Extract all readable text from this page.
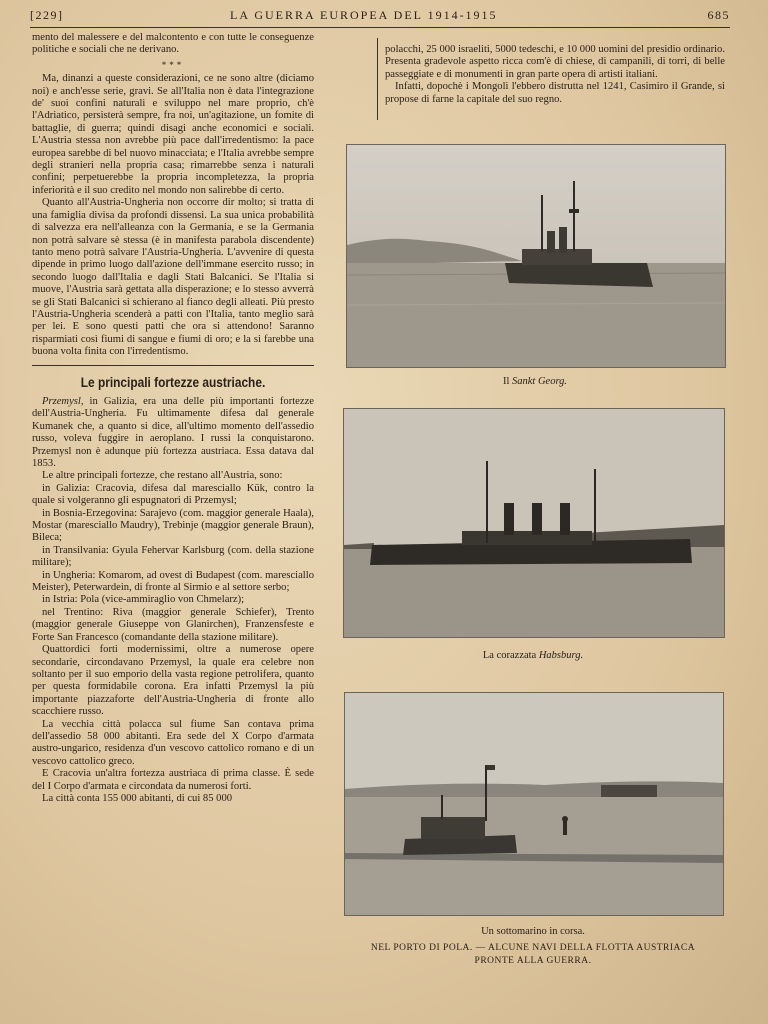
[229]	LA GUERRA EUROPEA DEL 1914-1915	685

mento del malessere e del malcontento e con tutte le conseguenze politiche e sociali che ne derivano.

***

Ma, dinanzi a queste considerazioni, ce ne sono altre (diciamo noi) e anch'esse serie, gravi. Se all'Italia non è data l'integrazione de' suoi confini naturali e sviluppo nel mare proprio, ch'è l'Adriatico, persisterà sempre, fra noi, un'agitazione, un fomite di battaglie, di guerra; quindi disagi anche economici e sociali. L'Austria stessa non avrebbe più pace dall'irredentismo: la pace europea sarebbe di bel nuovo minacciata; e l'Italia avrebbe sempre degli stranieri nella propria casa; rimarrebbe senza i naturali confini; perpetuerebbe la propria incompletezza, la propria inferiorità e il suo credito nel mondo non salirebbe di certo.

Quanto all'Austria-Ungheria non occorre dir molto; si tratta di una famiglia divisa da profondi dissensi. La sua unica probabilità di salvezza era nell'alleanza con la Germania, e se la Germania non potrà salvare sè stessa (è in manifesta parabola discendente) tanto meno potrà salvare l'Austria-Ungheria. L'avvenire di questa dipende in primo luogo dall'azione dell'immane esercito russo; in secondo luogo dall'Italia e dagli Stati Balcanici. Se l'Italia si muove, l'Austria sarà gettata alla disperazione; e lo stesso avverrà se gli Stati Balcanici si schierano al fianco degli alleati. Più presto l'Austria-Ungheria scenderà a patti con l'Italia, tanto meglio sarà per lei. E sono questi patti che ora si attendono! Saranno risparmiati così fiumi di sangue e fiumi di oro; e la si farebbe una buona volta finita con l'irredentismo.

Le principali fortezze austriache.

Przemysl, in Galizia, era una delle più importanti fortezze dell'Austria-Ungheria. Fu ultimamente difesa dal generale Kumanek che, a quanto si dice, all'ultimo momento dell'assedio russo, voleva fuggire in aeroplano. I russi la conquistarono. Przemysl non è adunque più fortezza austriaca. Essa datava dal 1853.

Le altre principali fortezze, che restano all'Austria, sono:

in Galizia: Cracovia, difesa dal maresciallo Kük, contro la quale si volgeranno gli espugnatori di Przemysl;

in Bosnia-Erzegovina: Sarajevo (com. maggior generale Haala), Mostar (maresciallo Maudry), Trebinje (maggior generale Braun), Bileca;

in Transilvania: Gyula Fehervar Karlsburg (com. della stazione militare);

in Ungheria: Komarom, ad ovest di Budapest (com. maresciallo Meister), Peterwardein, di fronte al Sirmio e al settore serbo;

in Istria: Pola (vice-ammiraglio von Chmelarz);

nel Trentino: Riva (maggior generale Schiefer), Trento (maggior generale Giuseppe von Glanirchen), Franzensfeste e Forte San Francesco (comandante della stazione militare).

Quattordici forti modernissimi, oltre a numerose opere secondarie, circondavano Przemysl, la quale era celebre non soltanto per il suo emporio della vasta regione petrolifera, quanto per questa formidabile corona. Era infatti Przemysl la più importante piazzaforte dell'Austria-Ungheria di fronte allo scacchiere russo.

La vecchia città polacca sul fiume San contava prima dell'assedio 58 000 abitanti. Era sede del X Corpo d'armata austro-ungarico, residenza d'un vescovo cattolico romano e di un vescovo cattolico greco.

E Cracovia un'altra fortezza austriaca di prima classe. È sede del I Corpo d'armata e circondata da numerosi forti.

La città conta 155 000 abitanti, di cui 85 000

polacchi, 25 000 israeliti, 5000 tedeschi, e 10 000 uomini del presidio ordinario. Presenta gradevole aspetto ricca com'è di chiese, di campanili, di torri, di belle passeggiate e di monumenti in gran parte opera di artisti italiani.

Infatti, dopochè i Mongoli l'ebbero distrutta nel 1241, Casimiro il Grande, si propose di farne la capitale del suo regno.

Il Sankt Georg.
La corazzata Habsburg.
Un sottomarino in corsa.
NEL PORTO DI POLA. — ALCUNE NAVI DELLA FLOTTA AUSTRIACA
PRONTE ALLA GUERRA.
